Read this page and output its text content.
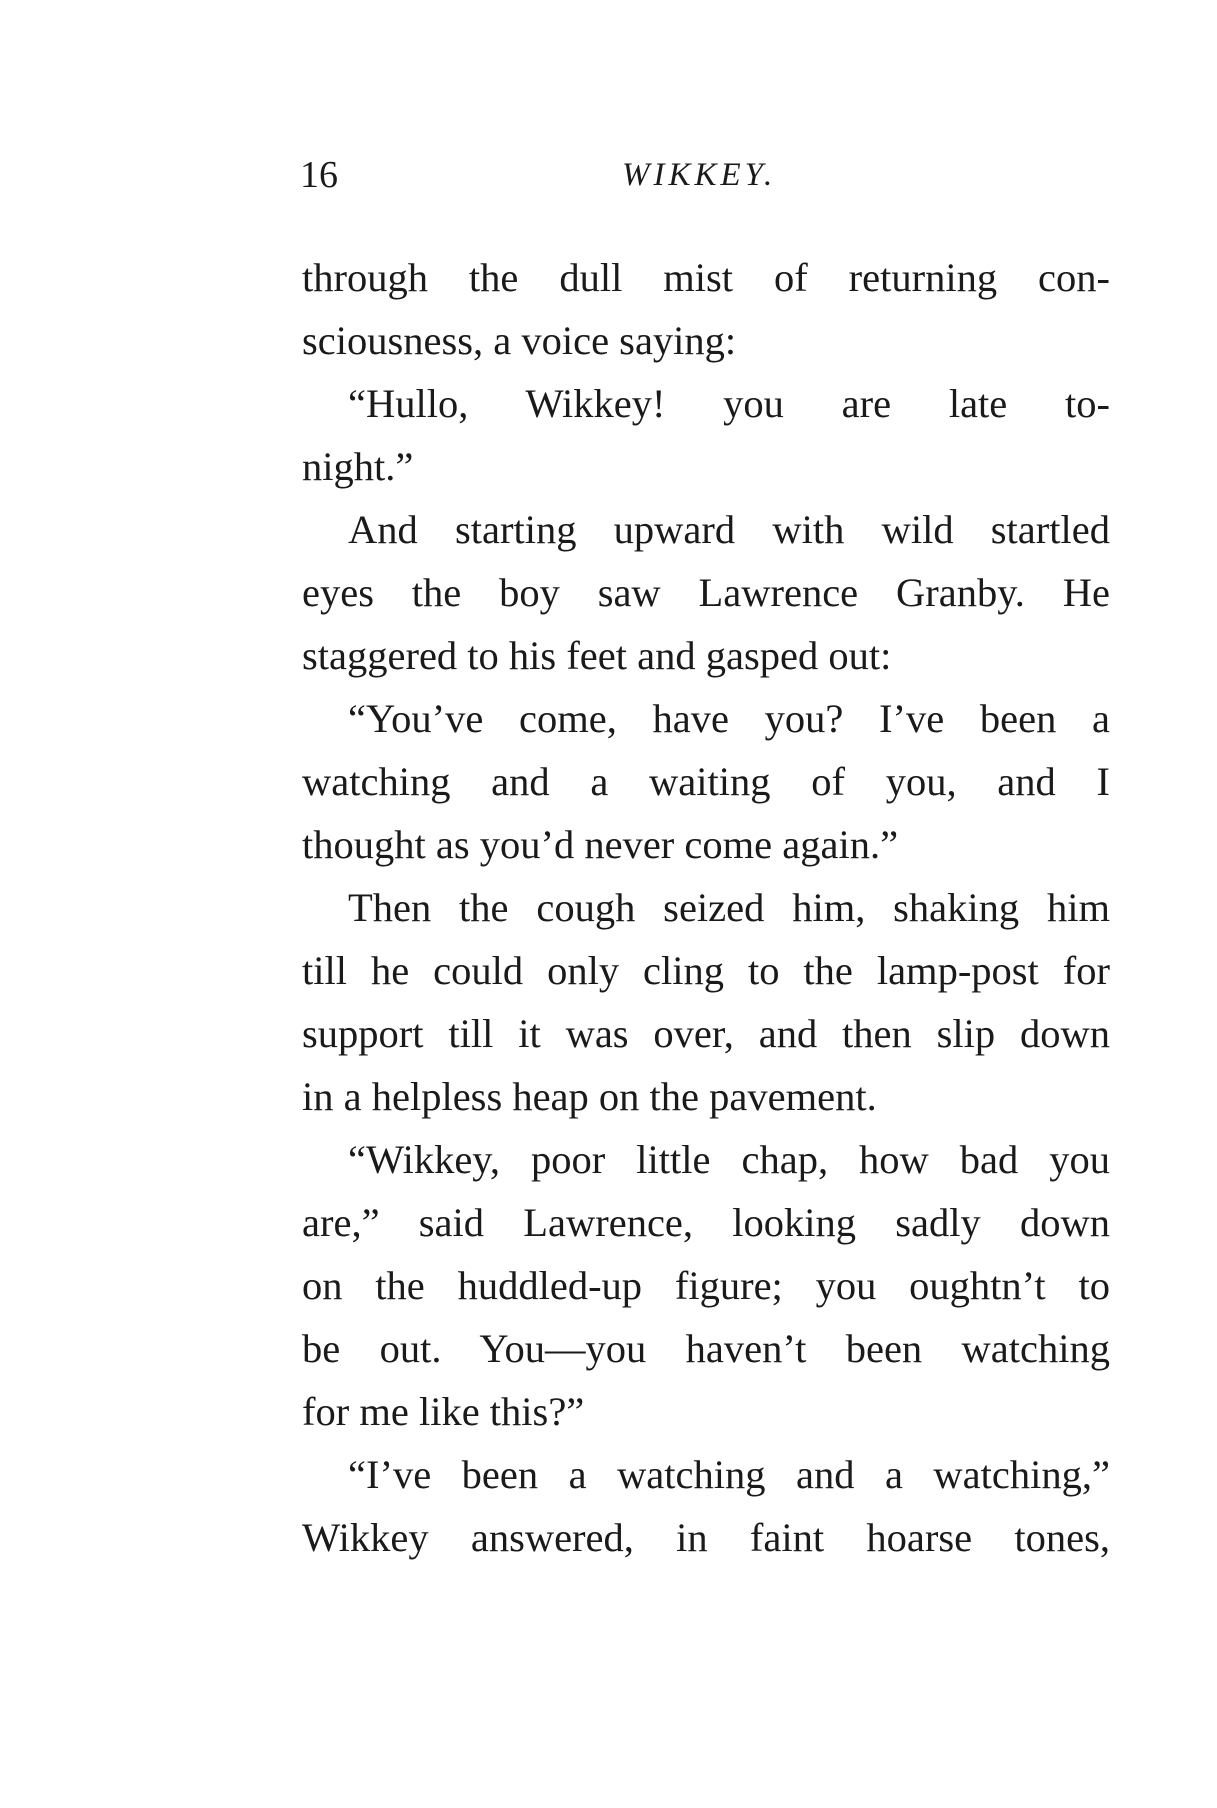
16	WIKKEY.
through the dull mist of returning con-
sciousness, a voice saying:
“Hullo, Wikkey! you are late to-
night.”
And starting upward with wild startled
eyes the boy saw Lawrence Granby. He
staggered to his feet and gasped out:
“You’ve come, have you? I’ve been a
watching and a waiting of you, and I
thought as you’d never come again.”
Then the cough seized him, shaking him
till he could only cling to the lamp-post for
support till it was over, and then slip down
in a helpless heap on the pavement.
“Wikkey, poor little chap, how bad you
are,” said Lawrence, looking sadly down
on the huddled-up figure; you oughtn’t to
be out. You—you haven’t been watching
for me like this?”
“I’ve been a watching and a watching,”
Wikkey answered, in faint hoarse tones,
